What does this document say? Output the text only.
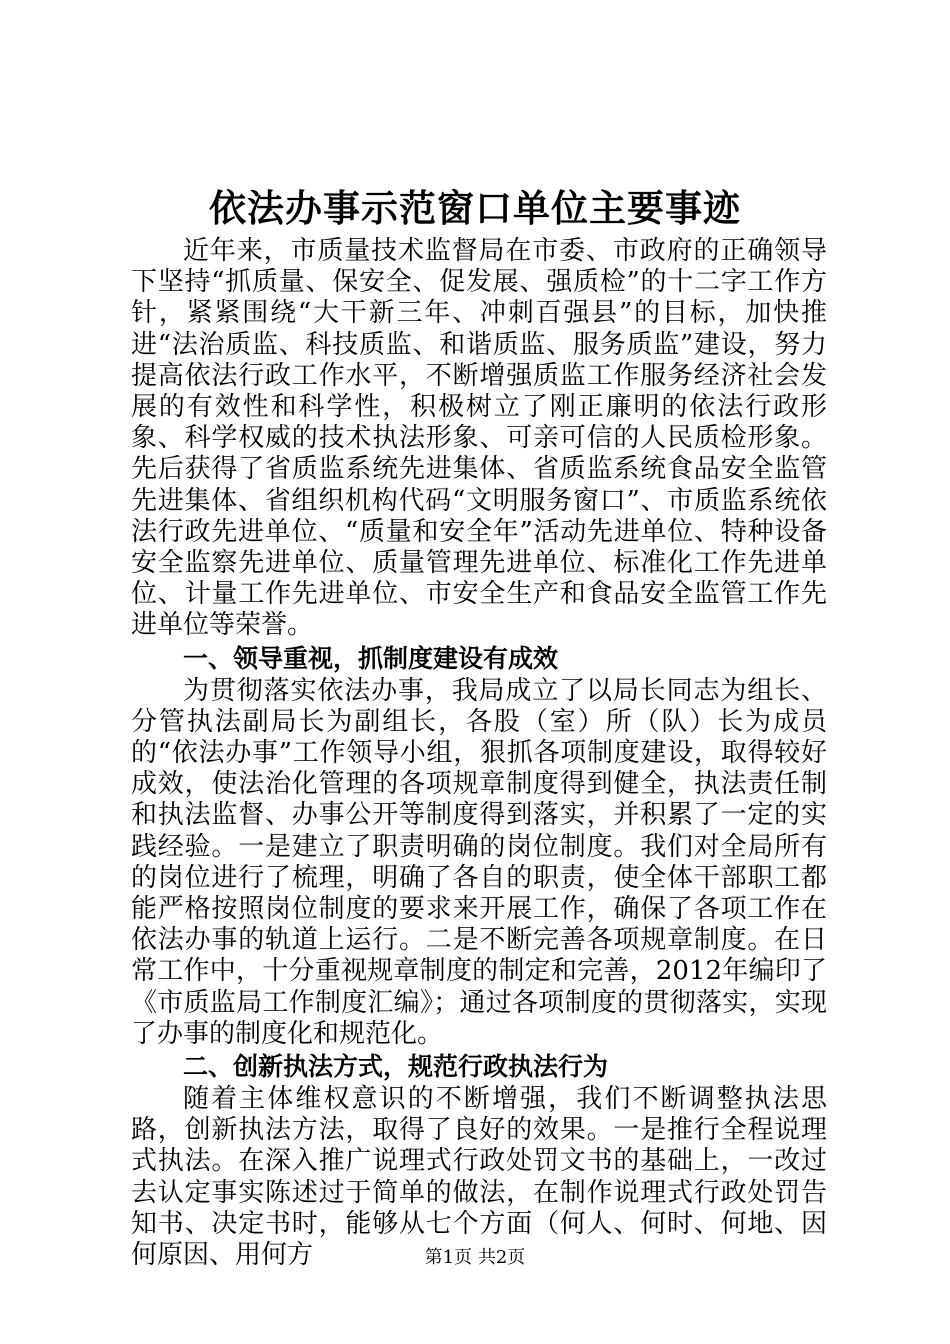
依法办事示范窗口单位主要事迹

近年来，市质量技术监督局在市委、市政府的正确领导下坚持“抓质量、保安全、促发展、强质检”的十二字工作方针，紧紧围绕“大干新三年、冲刺百强县”的目标，加快推进“法治质监、科技质监、和谐质监、服务质监”建设，努力提高依法行政工作水平，不断增强质监工作服务经济社会发展的有效性和科学性，积极树立了刚正廉明的依法行政形象、科学权威的技术执法形象、可亲可信的人民质检形象。先后获得了省质监系统先进集体、省质监系统食品安全监管先进集体、省组织机构代码“文明服务窗口”、市质监系统依法行政先进单位、“质量和安全年”活动先进单位、特种设备安全监察先进单位、质量管理先进单位、标准化工作先进单位、计量工作先进单位、市安全生产和食品安全监管工作先进单位等荣誉。

一、领导重视，抓制度建设有成效

为贯彻落实依法办事，我局成立了以局长同志为组长、分管执法副局长为副组长，各股（室）所（队）长为成员的“依法办事”工作领导小组，狠抓各项制度建设，取得较好成效，使法治化管理的各项规章制度得到健全，执法责任制和执法监督、办事公开等制度得到落实，并积累了一定的实践经验。一是建立了职责明确的岗位制度。我们对全局所有的岗位进行了梳理，明确了各自的职责，使全体干部职工都能严格按照岗位制度的要求来开展工作，确保了各项工作在依法办事的轨道上运行。二是不断完善各项规章制度。在日常工作中，十分重视规章制度的制定和完善，2012年编印了《市质监局工作制度汇编》；通过各项制度的贯彻落实，实现了办事的制度化和规范化。

二、创新执法方式，规范行政执法行为

随着主体维权意识的不断增强，我们不断调整执法思路，创新执法方法，取得了良好的效果。一是推行全程说理式执法。在深入推广说理式行政处罚文书的基础上，一改过去认定事实陈述过于简单的做法，在制作说理式行政处罚告知书、决定书时，能够从七个方面（何人、何时、何地、因何原因、用何方	第1页 共2页
